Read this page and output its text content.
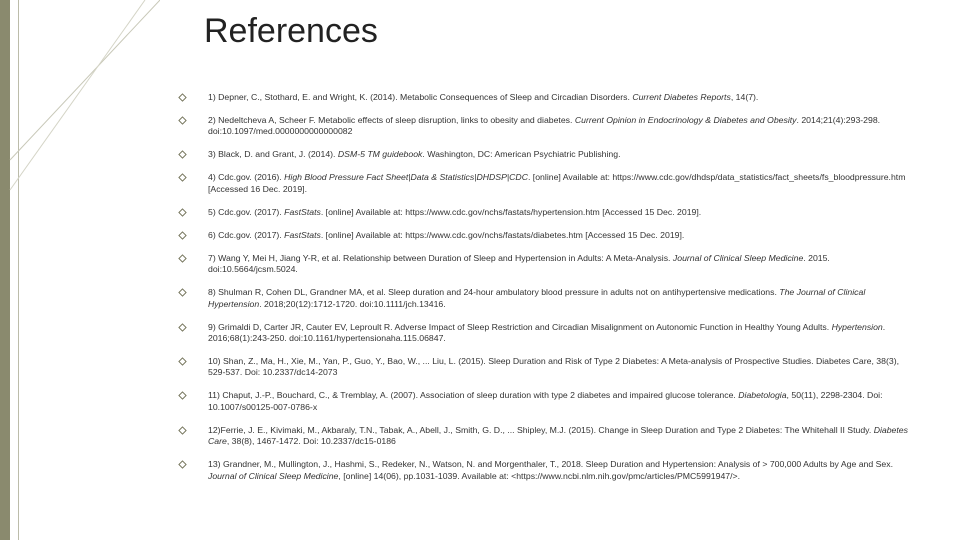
References
1) Depner, C., Stothard, E. and Wright, K. (2014). Metabolic Consequences of Sleep and Circadian Disorders. Current Diabetes Reports, 14(7).
2) Nedeltcheva A, Scheer F. Metabolic effects of sleep disruption, links to obesity and diabetes. Current Opinion in Endocrinology & Diabetes and Obesity. 2014;21(4):293-298. doi:10.1097/med.0000000000000082
3) Black, D. and Grant, J. (2014). DSM-5 TM guidebook. Washington, DC: American Psychiatric Publishing.
4) Cdc.gov. (2016). High Blood Pressure Fact Sheet|Data & Statistics|DHDSP|CDC. [online] Available at: https://www.cdc.gov/dhdsp/data_statistics/fact_sheets/fs_bloodpressure.htm [Accessed 16 Dec. 2019].
5) Cdc.gov. (2017). FastStats. [online] Available at: https://www.cdc.gov/nchs/fastats/hypertension.htm [Accessed 15 Dec. 2019].
6) Cdc.gov. (2017). FastStats. [online] Available at: https://www.cdc.gov/nchs/fastats/diabetes.htm [Accessed 15 Dec. 2019].
7) Wang Y, Mei H, Jiang Y-R, et al. Relationship between Duration of Sleep and Hypertension in Adults: A Meta-Analysis. Journal of Clinical Sleep Medicine. 2015. doi:10.5664/jcsm.5024.
8) Shulman R, Cohen DL, Grandner MA, et al. Sleep duration and 24-hour ambulatory blood pressure in adults not on antihypertensive medications. The Journal of Clinical Hypertension. 2018;20(12):1712-1720. doi:10.1111/jch.13416.
9) Grimaldi D, Carter JR, Cauter EV, Leproult R. Adverse Impact of Sleep Restriction and Circadian Misalignment on Autonomic Function in Healthy Young Adults. Hypertension. 2016;68(1):243-250. doi:10.1161/hypertensionaha.115.06847.
10) Shan, Z., Ma, H., Xie, M., Yan, P., Guo, Y., Bao, W., ... Liu, L. (2015). Sleep Duration and Risk of Type 2 Diabetes: A Meta-analysis of Prospective Studies. Diabetes Care, 38(3), 529-537. Doi: 10.2337/dc14-2073
11) Chaput, J.-P., Bouchard, C., & Tremblay, A. (2007). Association of sleep duration with type 2 diabetes and impaired glucose tolerance. Diabetologia, 50(11), 2298-2304. Doi: 10.1007/s00125-007-0786-x
12)Ferrie, J. E., Kivimaki, M., Akbaraly, T.N., Tabak, A., Abell, J., Smith, G. D., ... Shipley, M.J. (2015). Change in Sleep Duration and Type 2 Diabetes: The Whitehall II Study. Diabetes Care, 38(8), 1467-1472. Doi: 10.2337/dc15-0186
13) Grandner, M., Mullington, J., Hashmi, S., Redeker, N., Watson, N. and Morgenthaler, T., 2018. Sleep Duration and Hypertension: Analysis of > 700,000 Adults by Age and Sex. Journal of Clinical Sleep Medicine, [online] 14(06), pp.1031-1039. Available at: <https://www.ncbi.nlm.nih.gov/pmc/articles/PMC5991947/>.
